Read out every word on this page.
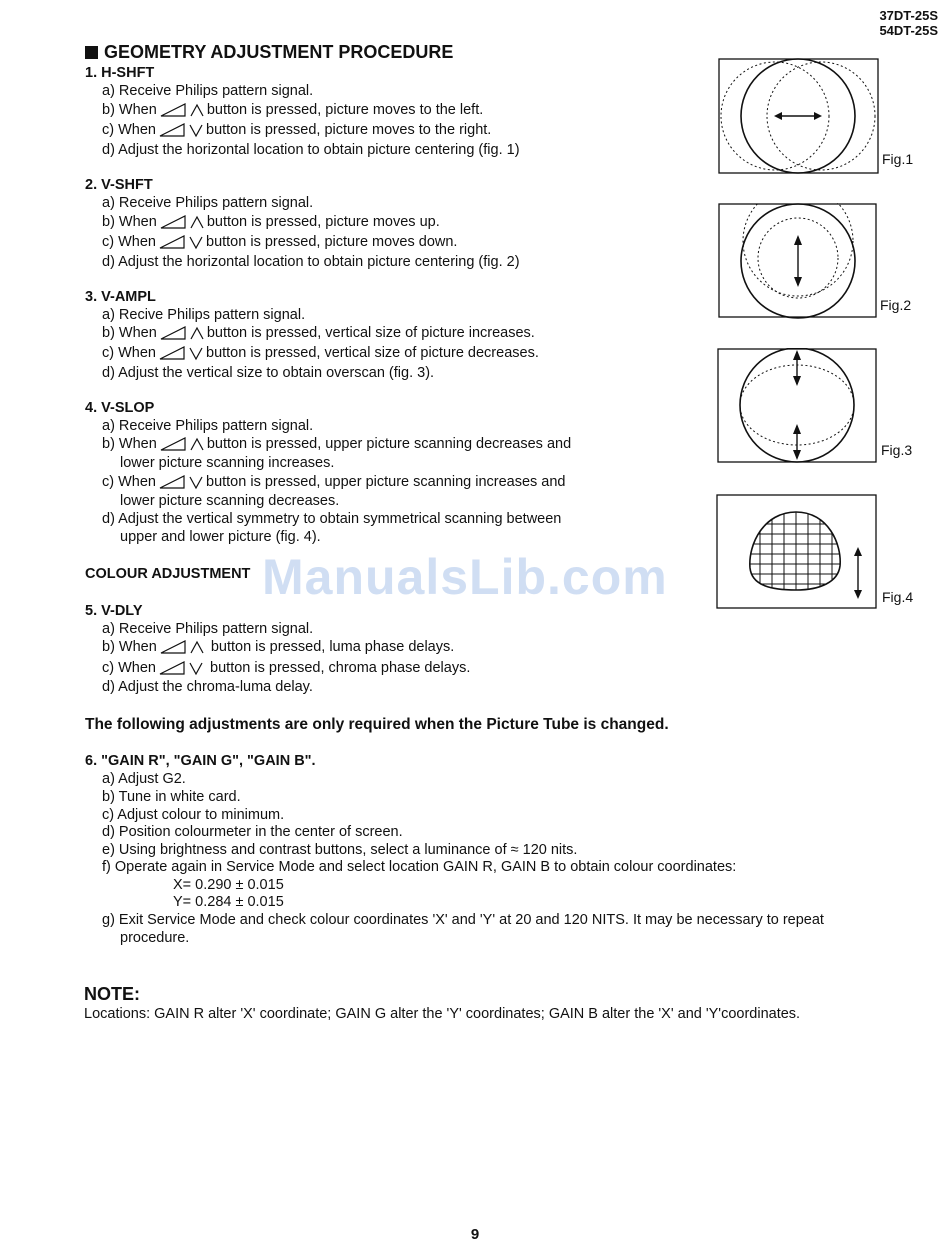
37DT-25S
54DT-25S
GEOMETRY ADJUSTMENT PROCEDURE
1. H-SHFT
a) Receive Philips pattern signal.
b) When	button is pressed, picture moves to the left.
c) When	button is pressed, picture moves to the right.
d) Adjust the horizontal location to obtain picture centering (fig. 1)
2. V-SHFT
a) Receive Philips pattern signal.
b) When	button is pressed, picture moves up.
c) When	button is pressed, picture moves down.
d) Adjust the horizontal location to obtain picture centering (fig. 2)
3. V-AMPL
a) Recive Philips pattern signal.
b) When	button is pressed, vertical size of picture increases.
c) When	button is pressed, vertical size of picture decreases.
d) Adjust the vertical size to obtain overscan (fig. 3).
4. V-SLOP
a) Receive Philips pattern signal.
b) When	button is pressed, upper picture scanning decreases and
lower picture scanning increases.
c) When	button is pressed, upper picture scanning increases and
lower picture scanning decreases.
d) Adjust the vertical symmetry to obtain symmetrical scanning between
upper and lower picture (fig. 4).
COLOUR ADJUSTMENT
5. V-DLY
a) Receive Philips pattern signal.
b) When	button is pressed, luma phase delays.
c) When	button is pressed, chroma phase delays.
d) Adjust the chroma-luma delay.
The following adjustments are only required when the Picture Tube is changed.
6. "GAIN R", "GAIN G", "GAIN B".
a) Adjust G2.
b) Tune in white card.
c) Adjust colour to minimum.
d) Position colourmeter in the center of screen.
e) Using brightness and contrast buttons, select a luminance of ≈ 120 nits.
f) Operate again in Service Mode and select location GAIN R, GAIN B to obtain colour coordinates:
X= 0.290 ± 0.015
Y= 0.284 ± 0.015
g) Exit Service Mode and check colour coordinates 'X' and 'Y' at 20 and 120 NITS. It may be necessary to repeat
procedure.
NOTE:
Locations: GAIN R alter 'X' coordinate; GAIN G alter the 'Y' coordinates; GAIN B alter the 'X' and 'Y'coordinates.
Fig.1
Fig.2
Fig.3
Fig.4
ManualsLib.com
9
